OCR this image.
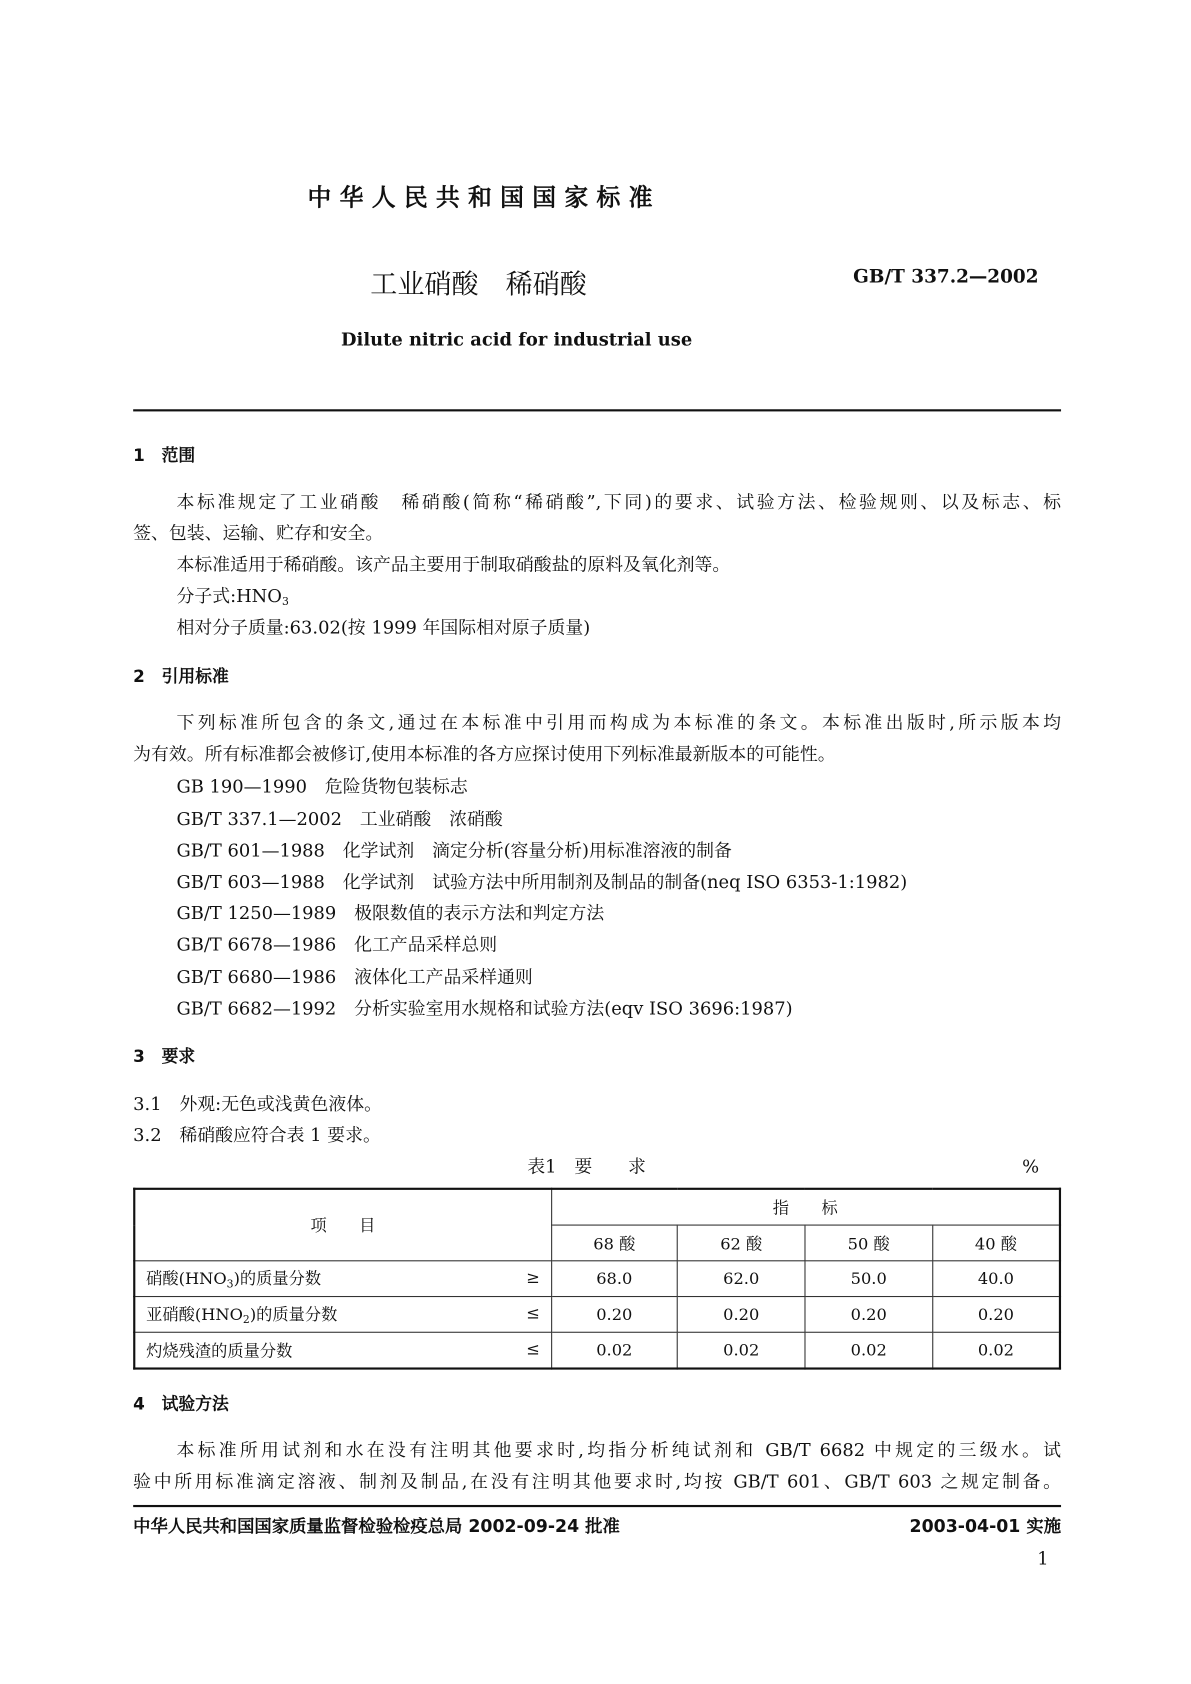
中 华 人 民 共 和 国 国 家 标 准
工业硝酸　稀硝酸	GB/T 337.2—2002
Dilute nitric acid for industrial use
1　范围
本标准规定了工业硝酸　稀硝酸(简称“稀硝酸”,下同)的要求、试验方法、检验规则、以及标志、标
签、包装、运输、贮存和安全。
本标准适用于稀硝酸。该产品主要用于制取硝酸盐的原料及氧化剂等。
分子式$:HNO_3$
相对分子质量:63.02(按 1999 年国际相对原子质量)
2　引用标准
下列标准所包含的条文,通过在本标准中引用而构成为本标准的条文。本标准出版时,所示版本均
为有效。所有标准都会被修订,使用本标准的各方应探讨使用下列标准最新版本的可能性。
GB 190—1990　危险货物包装标志
GB/T 337.1—2002　工业硝酸　浓硝酸
GB/T 601—1988　化学试剂　滴定分析(容量分析)用标准溶液的制备
GB/T 603—1988　化学试剂　试验方法中所用制剂及制品的制备(neq ISO 6353-1:1982)
GB/T 1250—1989　极限数值的表示方法和判定方法
GB/T 6678—1986　化工产品采样总则
GB/T 6680—1986　液体化工产品采样通则
GB/T 6682—1992　分析实验室用水规格和试验方法(eqv ISO 3696:1987)
3　要求
3.1　外观:无色或浅黄色液体。
3.2　稀硝酸应符合表 1 要求。
表1　要　　求	%
项　　目	指　　标			
	68 酸	62 酸	50 酸	40 酸
硝酸$(HNO_3)$的质量分数 ≥	68.0	62.0	50.0	40.0
亚硝酸$(HNO_2)$的质量分数 ≤	0.20	0.20	0.20	0.20
灼烧残渣的质量分数 ≤	0.02	0.02	0.02	0.02
4　试验方法
本标准所用试剂和水在没有注明其他要求时,均指分析纯试剂和 GB/T 6682 中规定的三级水。试
验中所用标准滴定溶液、制剂及制品,在没有注明其他要求时,均按 GB/T 601、GB/T 603 之规定制备。
中华人民共和国国家质量监督检验检疫总局 2002-09-24 批准	2003-04-01 实施
1
